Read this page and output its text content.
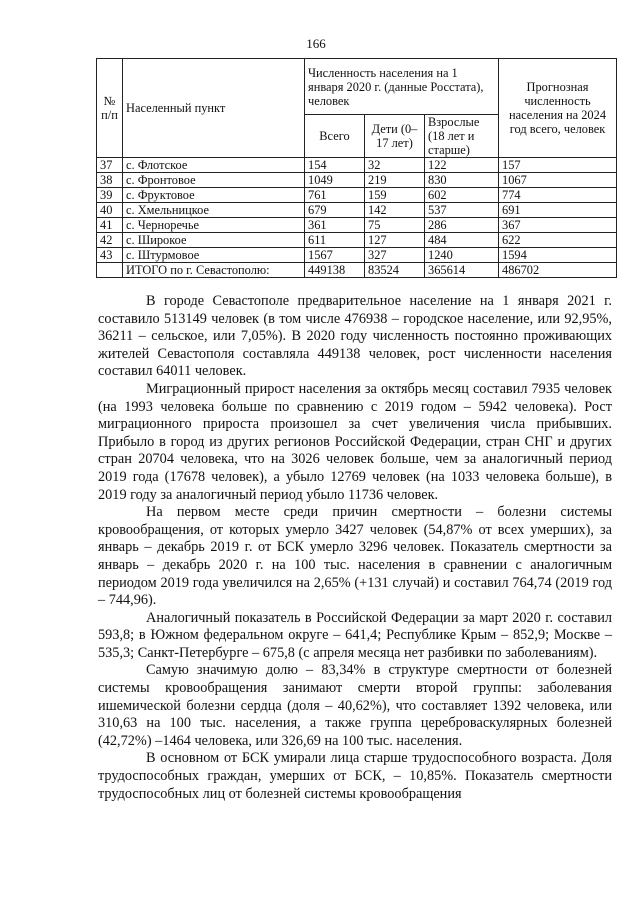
166
№ п/п	Населенный пункт	Численность населения на 1 января 2020 г. (данные Росстата), человек			Прогнозная численность населения на 2024 год всего, человек
		Всего	Дети (0–17 лет)	Взрослые (18 лет и старше)	
37	с. Флотское	154	32	122	157
38	с. Фронтовое	1049	219	830	1067
39	с. Фруктовое	761	159	602	774
40	с. Хмельницкое	679	142	537	691
41	с. Черноречье	361	75	286	367
42	с. Широкое	611	127	484	622
43	с. Штурмовое	1567	327	1240	1594
	ИТОГО по г. Севастополю:	449138	83524	365614	486702

В городе Севастополе предварительное население на 1 января 2021 г. составило 513149 человек (в том числе 476938 – городское население, или 92,95%, 36211 – сельское, или 7,05%). В 2020 году численность постоянно проживающих жителей Севастополя составляла 449138 человек, рост численности населения составил 64011 человек.

Миграционный прирост населения за октябрь месяц составил 7935 человек (на 1993 человека больше по сравнению с 2019 годом – 5942 человека). Рост миграционного прироста произошел за счет увеличения числа прибывших. Прибыло в город из других регионов Российской Федерации, стран СНГ и других стран 20704 человека, что на 3026 человек больше, чем за аналогичный период 2019 года (17678 человек), а убыло 12769 человек (на 1033 человека больше), в 2019 году за аналогичный период убыло 11736 человек.

На первом месте среди причин смертности – болезни системы кровообращения, от которых умерло 3427 человек (54,87% от всех умерших), за январь – декабрь 2019 г. от БСК умерло 3296 человек. Показатель смертности за январь – декабрь 2020 г. на 100 тыс. населения в сравнении с аналогичным периодом 2019 года увеличился на 2,65% (+131 случай) и составил 764,74 (2019 год – 744,96).

Аналогичный показатель в Российской Федерации за март 2020 г. составил 593,8; в Южном федеральном округе – 641,4; Республике Крым – 852,9; Москве – 535,3; Санкт-Петербурге – 675,8 (с апреля месяца нет разбивки по заболеваниям).

Самую значимую долю – 83,34% в структуре смертности от болезней системы кровообращения занимают смерти второй группы: заболевания ишемической болезни сердца (доля – 40,62%), что составляет 1392 человека, или 310,63 на 100 тыс. населения, а также группа цереброваскулярных болезней (42,72%) –1464 человека, или 326,69 на 100 тыс. населения.

В основном от БСК умирали лица старше трудоспособного возраста. Доля трудоспособных граждан, умерших от БСК, – 10,85%. Показатель смертности трудоспособных лиц от болезней системы кровообращения
